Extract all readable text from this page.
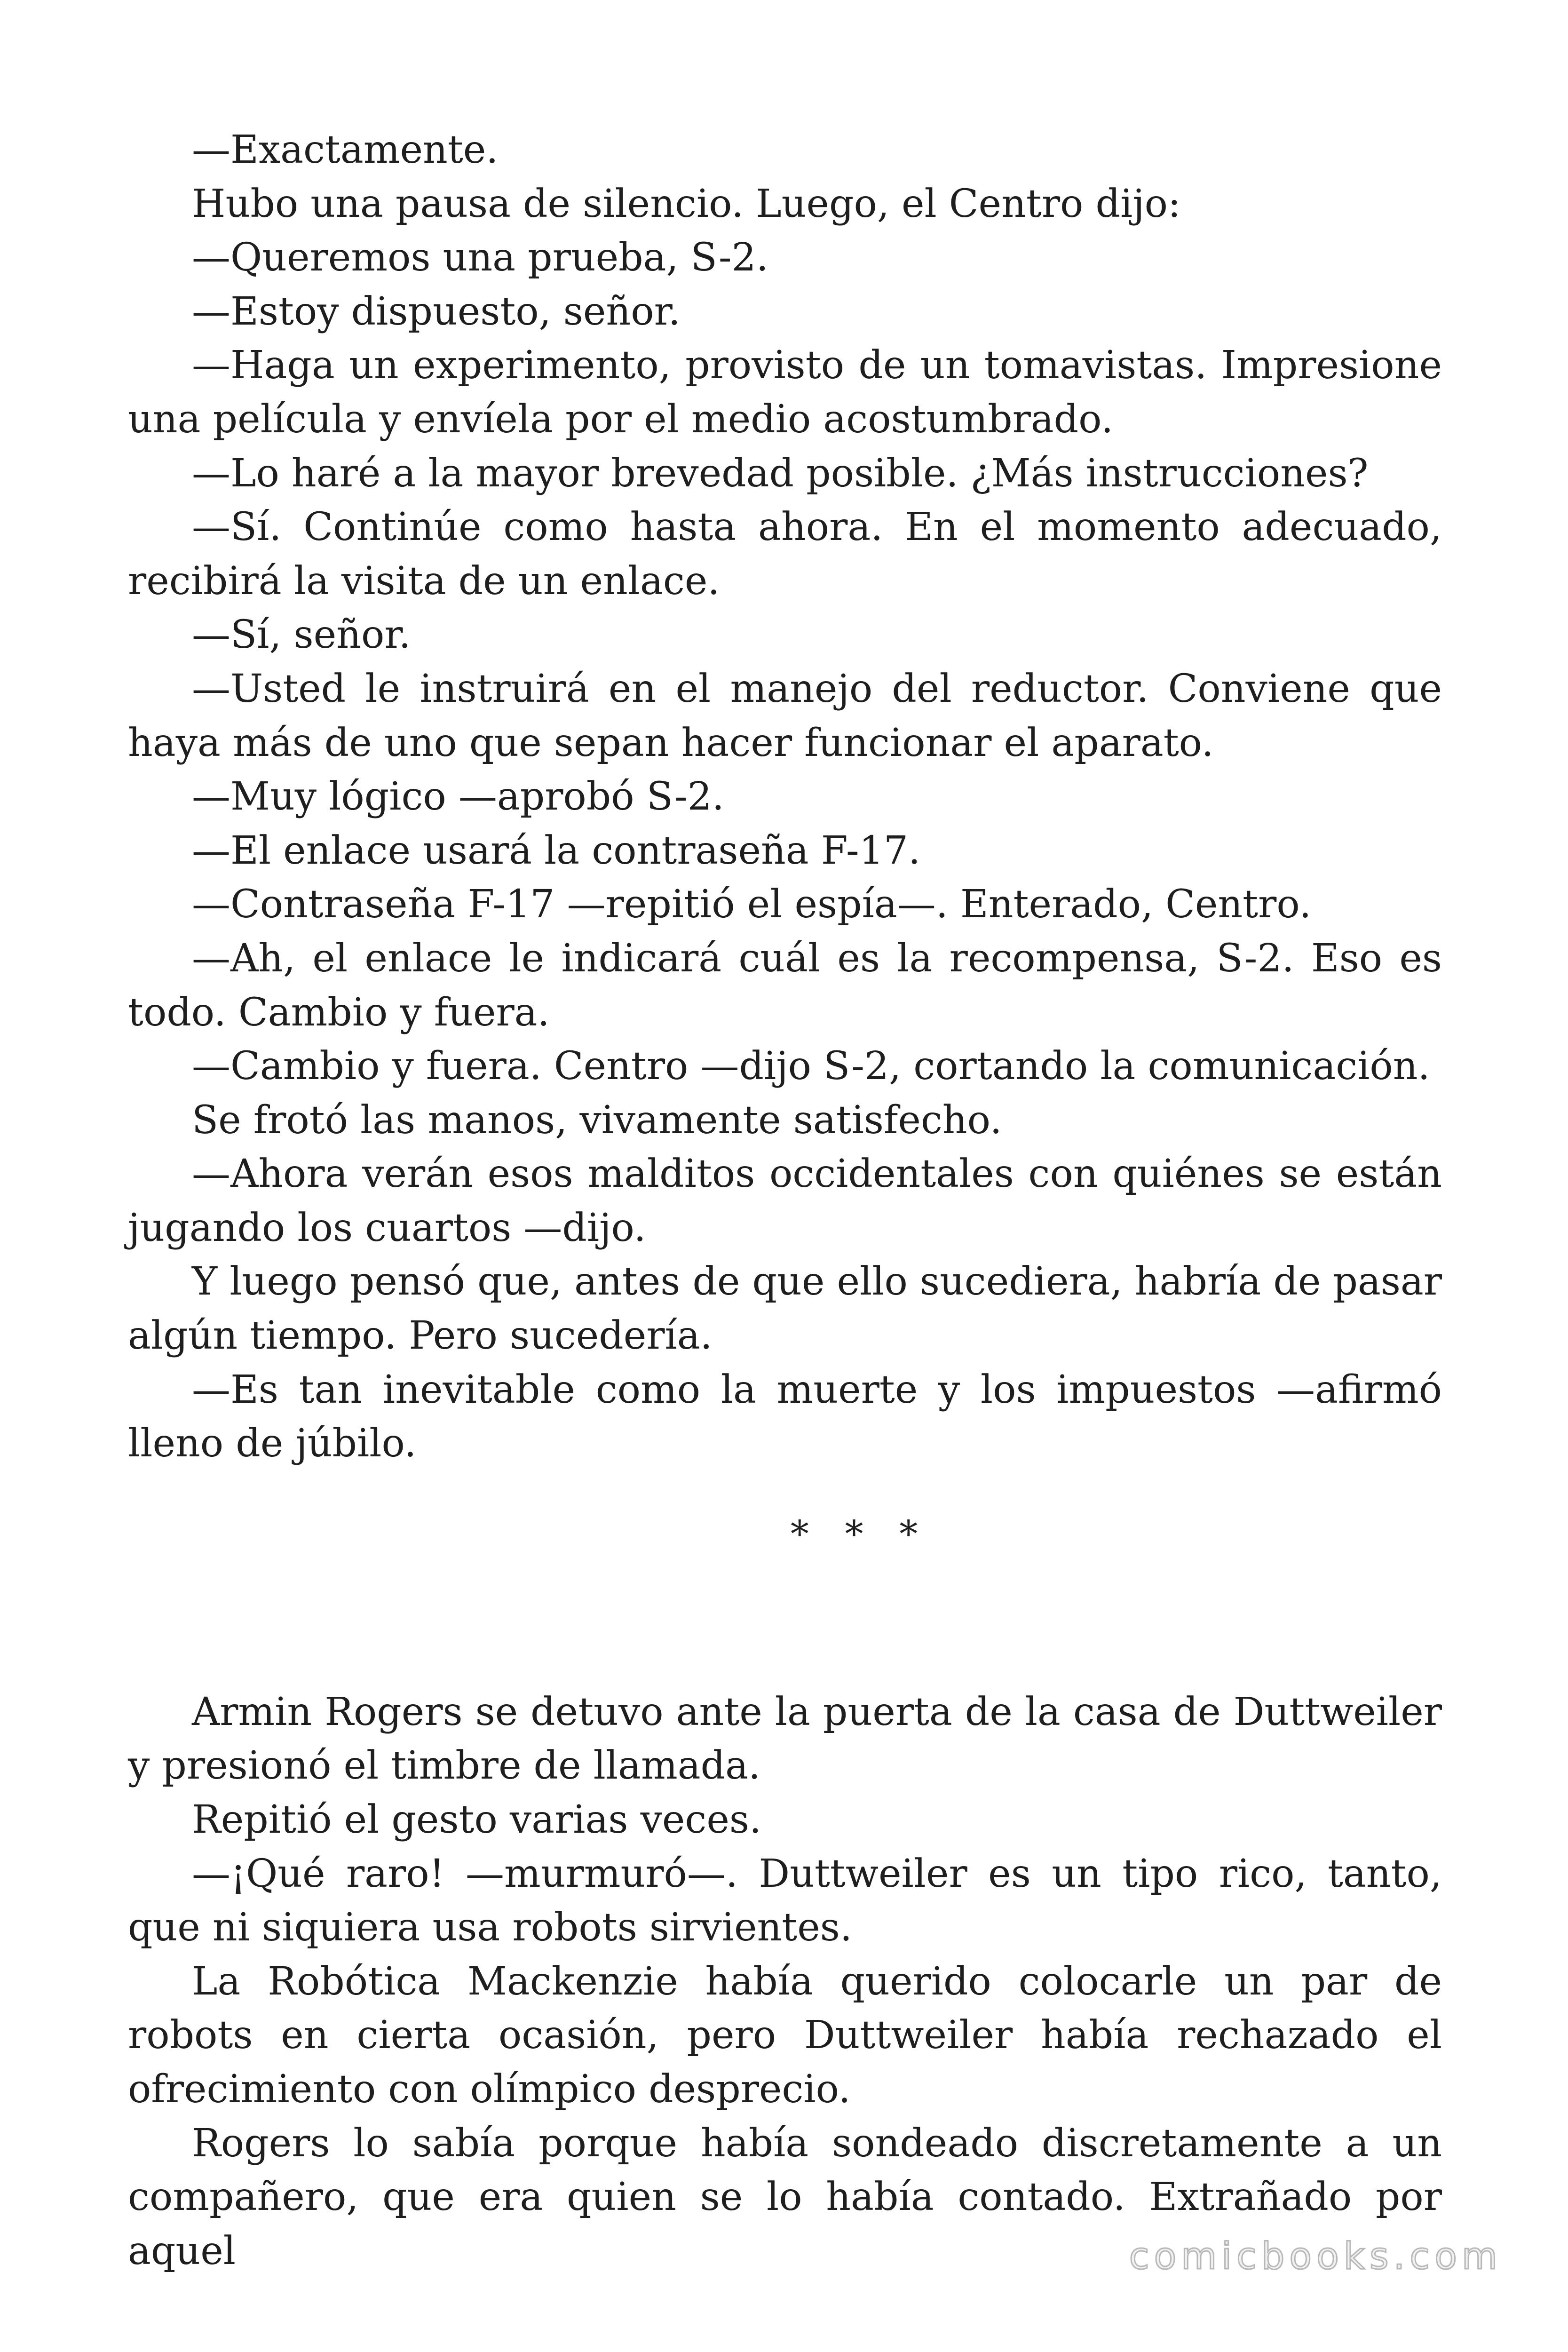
—Exactamente.

Hubo una pausa de silencio. Luego, el Centro dijo:

—Queremos una prueba, S-2.

—Estoy dispuesto, señor.

—Haga un experimento, provisto de un tomavistas. Impresione una película y envíela por el medio acostumbrado.

—Lo haré a la mayor brevedad posible. ¿Más instrucciones?

—Sí. Continúe como hasta ahora. En el momento adecuado, recibirá la visita de un enlace.

—Sí, señor.

—Usted le instruirá en el manejo del reductor. Conviene que haya más de uno que sepan hacer funcionar el aparato.

—Muy lógico —aprobó S-2.

—El enlace usará la contraseña F-17.

—Contraseña F-17 —repitió el espía—. Enterado, Centro.

—Ah, el enlace le indicará cuál es la recompensa, S-2. Eso es todo. Cambio y fuera.

—Cambio y fuera. Centro —dijo S-2, cortando la comunicación.

Se frotó las manos, vivamente satisfecho.

—Ahora verán esos malditos occidentales con quiénes se están jugando los cuartos —dijo.

Y luego pensó que, antes de que ello sucediera, habría de pasar algún tiempo. Pero sucedería.

—Es tan inevitable como la muerte y los impuestos —afirmó lleno de júbilo.

* * *

Armin Rogers se detuvo ante la puerta de la casa de Duttweiler y presionó el timbre de llamada.

Repitió el gesto varias veces.

—¡Qué raro! —murmuró—. Duttweiler es un tipo rico, tanto, que ni siquiera usa robots sirvientes.

La Robótica Mackenzie había querido colocarle un par de robots en cierta ocasión, pero Duttweiler había rechazado el ofrecimiento con olímpico desprecio.

Rogers lo sabía porque había sondeado discretamente a un compañero, que era quien se lo había contado. Extrañado por aquel	comicbooks.com
